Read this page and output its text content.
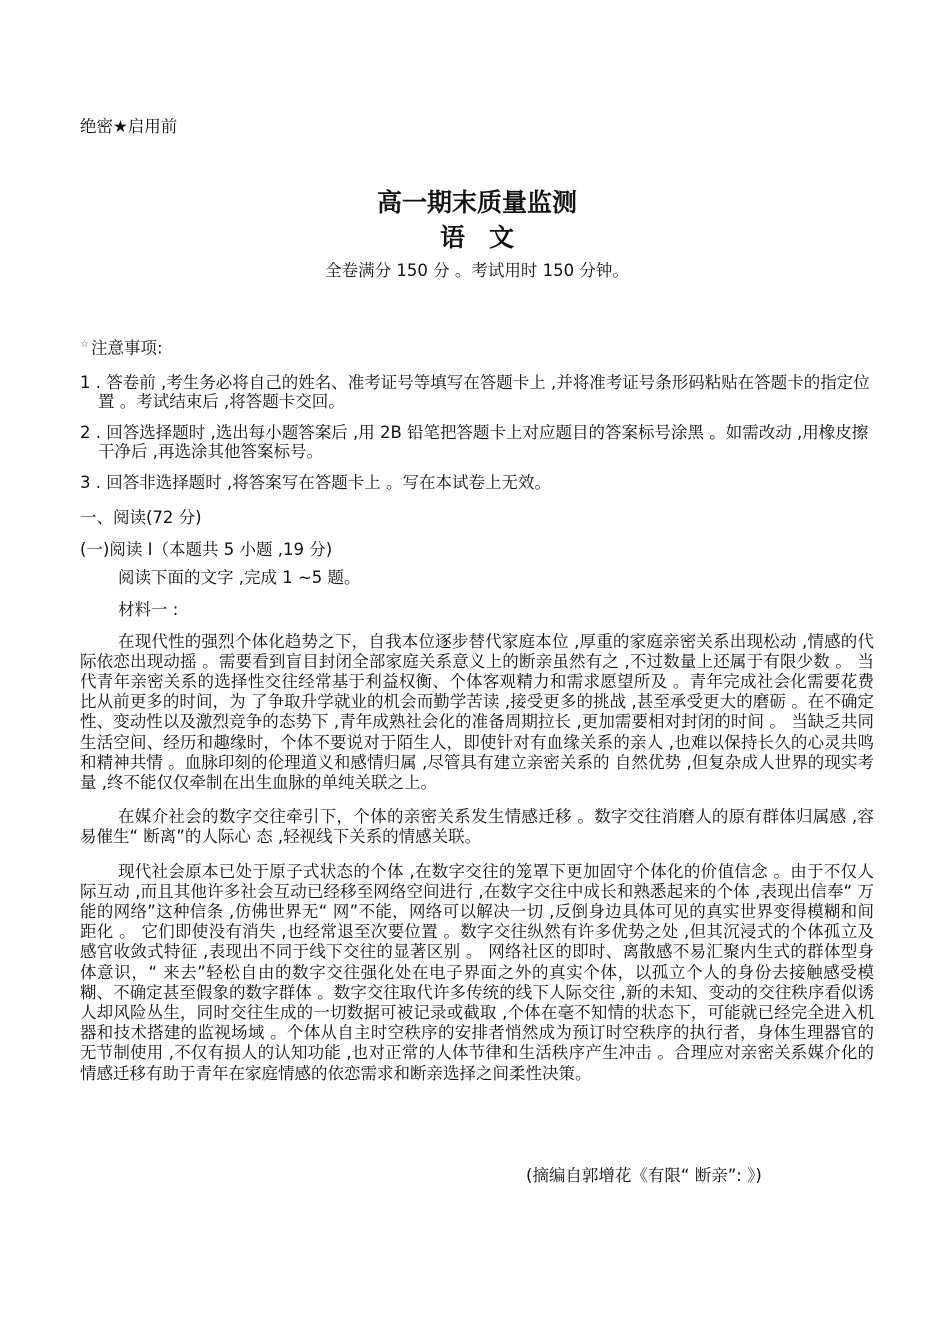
绝密★启用前

高一期末质量监测
语文

全卷满分 150 分 。考试用时 150 分钟。

☆ 注意事项:

1 . 答卷前 ,考生务必将自己的姓名、准考证号等填写在答题卡上 ,并将准考证号条形码粘贴在答题卡的指定位置 。考试结束后 ,将答题卡交回。

2 . 回答选择题时 ,选出每小题答案后 ,用 2B 铅笔把答题卡上对应题目的答案标号涂黑 。如需改动 ,用橡皮擦干净后 ,再选涂其他答案标号。

3 . 回答非选择题时 ,将答案写在答题卡上 。写在本试卷上无效。

一、阅读(72 分)

(一)阅读 I（本题共 5 小题 ,19 分)

阅读下面的文字 ,完成 1 ~5 题。

材料一 :

在现代性的强烈个体化趋势之下，自我本位逐步替代家庭本位 ,厚重的家庭亲密关系出现松动 ,情感的代际依恋出现动摇 。需要看到盲目封闭全部家庭关系意义上的断亲虽然有之 ,不过数量上还属于有限少数 。 当代青年亲密关系的选择性交往经常基于利益权衡、个体客观精力和需求愿望所及 。青年完成社会化需要花费比从前更多的时间，为 了争取升学就业的机会而勤学苦读 ,接受更多的挑战 ,甚至承受更大的磨砺 。在不确定性、变动性以及激烈竞争的态势下 ,青年成熟社会化的准备周期拉长 ,更加需要相对封闭的时间 。 当缺乏共同生活空间、经历和趣缘时，个体不要说对于陌生人，即使针对有血缘关系的亲人 ,也难以保持长久的心灵共鸣和精神共情 。血脉印刻的伦理道义和感情归属 ,尽管具有建立亲密关系的 自然优势 ,但复杂成人世界的现实考量 ,终不能仅仅牵制在出生血脉的单纯关联之上。

在媒介社会的数字交往牵引下，个体的亲密关系发生情感迁移 。数字交往消磨人的原有群体归属感 ,容易催生“ 断离”的人际心 态 ,轻视线下关系的情感关联。

现代社会原本已处于原子式状态的个体 ,在数字交往的笼罩下更加固守个体化的价值信念 。由于不仅人际互动 ,而且其他许多社会互动已经移至网络空间进行 ,在数字交往中成长和熟悉起来的个体 ,表现出信奉“ 万能的网络”这种信条 ,仿佛世界无“ 网”不能，网络可以解决一切 ,反倒身边具体可见的真实世界变得模糊和间距化 。 它们即使没有消失 ,也经常退至次要位置 。数字交往纵然有许多优势之处 ,但其沉浸式的个体孤立及感官收敛式特征 ,表现出不同于线下交往的显著区别 。 网络社区的即时、离散感不易汇聚内生式的群体型身体意识，“ 来去”轻松自由的数字交往强化处在电子界面之外的真实个体，以孤立个人的身份去接触感受模糊、不确定甚至假象的数字群体 。数字交往取代许多传统的线下人际交往 ,新的未知、变动的交往秩序看似诱人却风险丛生，同时交往生成的一切数据可被记录或截取 ,个体在毫不知情的状态下，可能就已经完全进入机器和技术搭建的监视场域 。个体从自主时空秩序的安排者悄然成为预订时空秩序的执行者，身体生理器官的无节制使用 ,不仅有损人的认知功能 ,也对正常的人体节律和生活秩序产生冲击 。合理应对亲密关系媒介化的情感迁移有助于青年在家庭情感的依恋需求和断亲选择之间柔性决策。

(摘编自郭增花《有限“ 断亲”: 》)
